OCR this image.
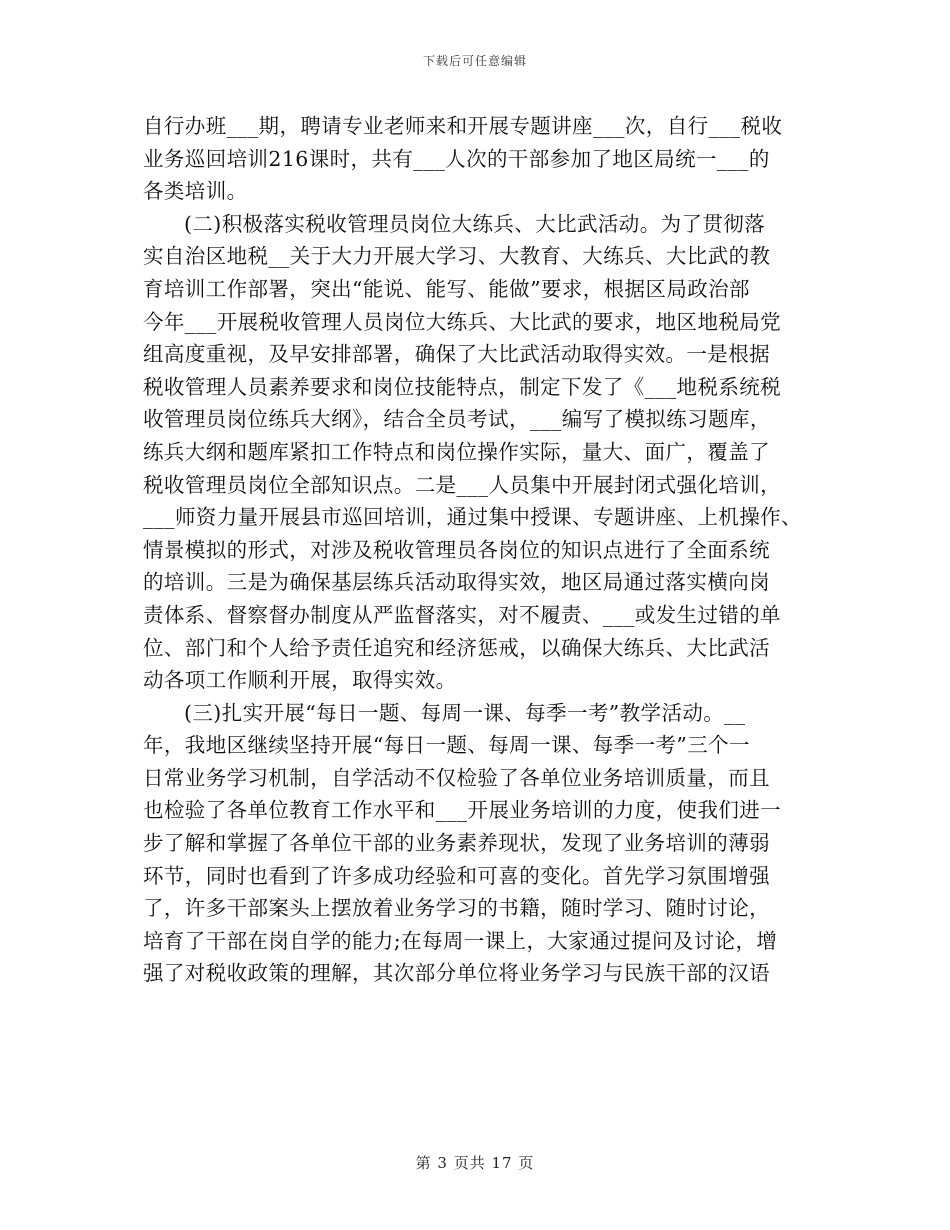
下载后可任意编辑
自行办班___期，聘请专业老师来和开展专题讲座___次，自行___税收
业务巡回培训216课时，共有___人次的干部参加了地区局统一___的
各类培训。
(二)积极落实税收管理员岗位大练兵、大比武活动。为了贯彻落
实自治区地税__关于大力开展大学习、大教育、大练兵、大比武的教
育培训工作部署，突出“能说、能写、能做”要求，根据区局政治部
今年___开展税收管理人员岗位大练兵、大比武的要求，地区地税局党
组高度重视，及早安排部署，确保了大比武活动取得实效。一是根据
税收管理人员素养要求和岗位技能特点，制定下发了《___地税系统税
收管理员岗位练兵大纲》，结合全员考试，___编写了模拟练习题库，
练兵大纲和题库紧扣工作特点和岗位操作实际，量大、面广，覆盖了
税收管理员岗位全部知识点。二是___人员集中开展封闭式强化培训，
___师资力量开展县市巡回培训，通过集中授课、专题讲座、上机操作、
情景模拟的形式，对涉及税收管理员各岗位的知识点进行了全面系统
的培训。三是为确保基层练兵活动取得实效，地区局通过落实横向岗
责体系、督察督办制度从严监督落实，对不履责、___或发生过错的单
位、部门和个人给予责任追究和经济惩戒，以确保大练兵、大比武活
动各项工作顺利开展，取得实效。
(三)扎实开展“每日一题、每周一课、每季一考”教学活动。__
年，我地区继续坚持开展“每日一题、每周一课、每季一考”三个一
日常业务学习机制，自学活动不仅检验了各单位业务培训质量，而且
也检验了各单位教育工作水平和___开展业务培训的力度，使我们进一
步了解和掌握了各单位干部的业务素养现状，发现了业务培训的薄弱
环节，同时也看到了许多成功经验和可喜的变化。首先学习氛围增强
了，许多干部案头上摆放着业务学习的书籍，随时学习、随时讨论，
培育了干部在岗自学的能力;在每周一课上，大家通过提问及讨论，增
强了对税收政策的理解，其次部分单位将业务学习与民族干部的汉语
第 3 页共 17 页
